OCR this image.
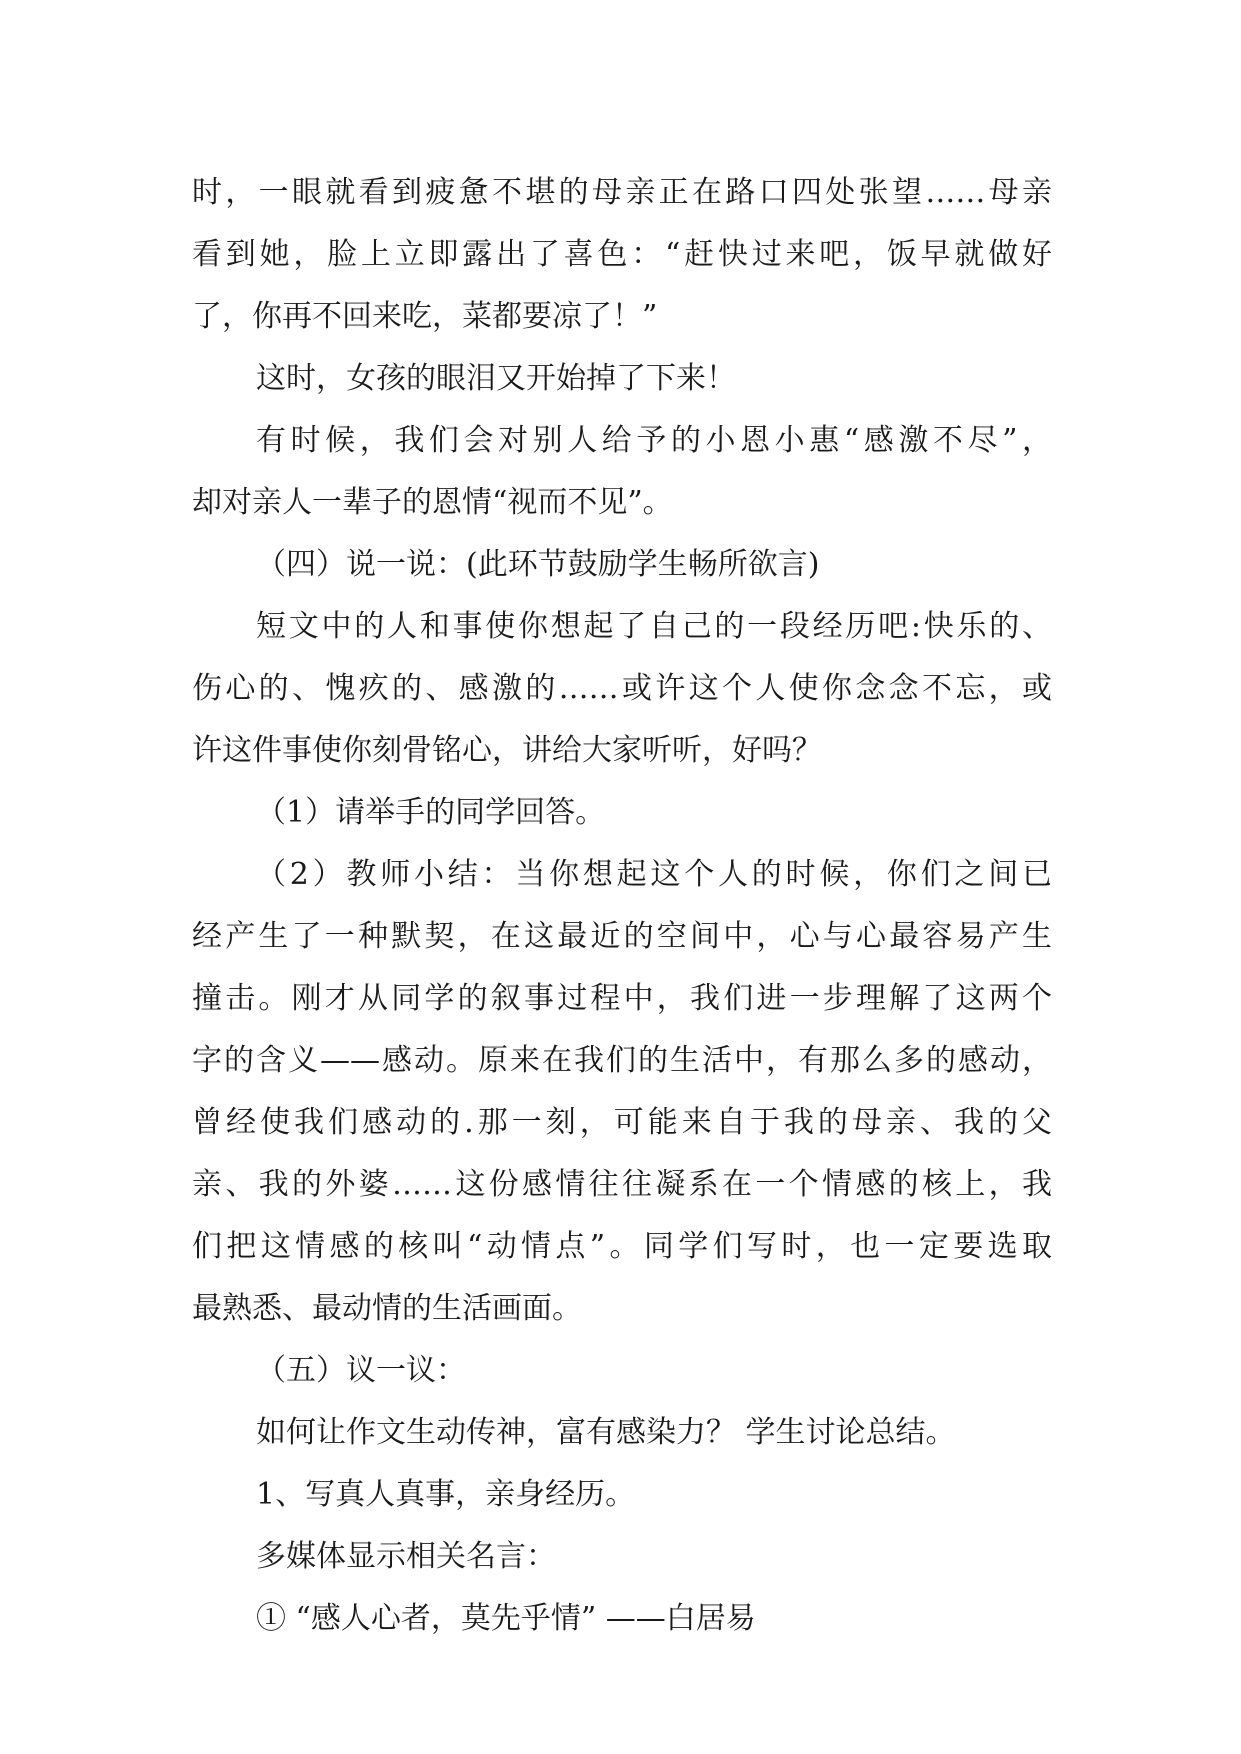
时，一眼就看到疲惫不堪的母亲正在路口四处张望……母亲
看到她，脸上立即露出了喜色：“赶快过来吧，饭早就做好
了，你再不回来吃，菜都要凉了！”
这时，女孩的眼泪又开始掉了下来！
有时候，我们会对别人给予的小恩小惠“感激不尽”，
却对亲人一辈子的恩情“视而不见”。
（四）说一说：(此环节鼓励学生畅所欲言)
短文中的人和事使你想起了自己的一段经历吧:快乐的、
伤心的、愧疚的、感激的……或许这个人使你念念不忘，或
许这件事使你刻骨铭心，讲给大家听听，好吗？
（1）请举手的同学回答。
（2）教师小结：当你想起这个人的时候，你们之间已
经产生了一种默契，在这最近的空间中，心与心最容易产生
撞击。刚才从同学的叙事过程中，我们进一步理解了这两个
字的含义——感动。原来在我们的生活中，有那么多的感动，
曾经使我们感动的.那一刻，可能来自于我的母亲、我的父
亲、我的外婆……这份感情往往凝系在一个情感的核上，我
们把这情感的核叫“动情点”。同学们写时，也一定要选取
最熟悉、最动情的生活画面。
（五）议一议：
如何让作文生动传神，富有感染力？ 学生讨论总结。
1、写真人真事，亲身经历。
多媒体显示相关名言：
① “感人心者，莫先乎情” ——白居易
